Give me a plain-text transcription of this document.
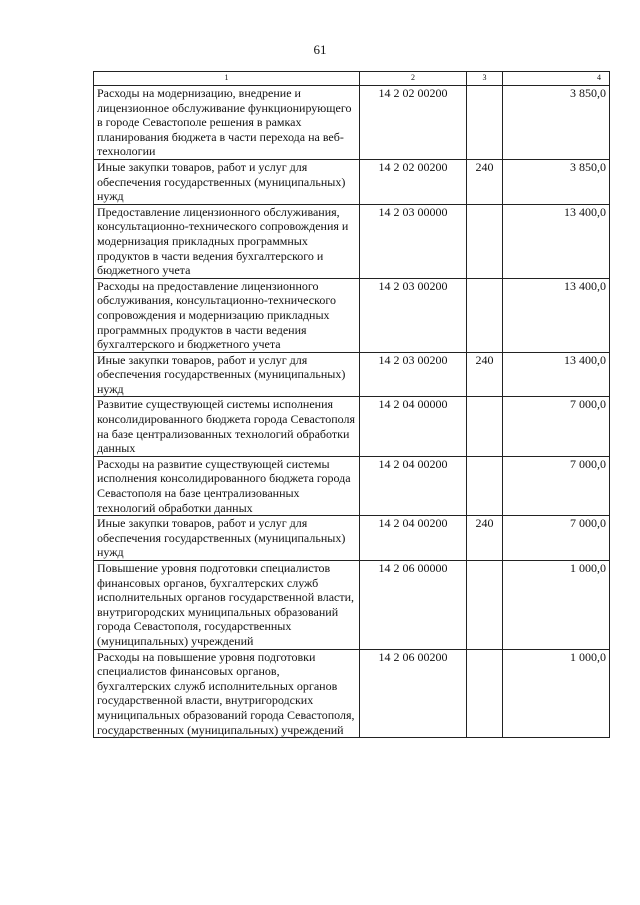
61
1	2	3	4
Расходы на модернизацию, внедрение и лицензионное обслуживание функционирующего в городе Севастополе решения в рамках планирования бюджета в части перехода на веб-технологии	14 2 02 00200		3 850,0
Иные закупки товаров, работ и услуг для обеспечения государственных (муниципальных) нужд	14 2 02 00200	240	3 850,0
Предоставление лицензионного обслуживания, консультационно-технического сопровождения и модернизация прикладных программных продуктов в части ведения бухгалтерского и бюджетного учета	14 2 03 00000		13 400,0
Расходы на предоставление лицензионного обслуживания, консультационно-технического сопровождения и модернизацию прикладных программных продуктов в части ведения бухгалтерского и бюджетного учета	14 2 03 00200		13 400,0
Иные закупки товаров, работ и услуг для обеспечения государственных (муниципальных) нужд	14 2 03 00200	240	13 400,0
Развитие существующей системы исполнения консолидированного бюджета города Севастополя на базе централизованных технологий обработки данных	14 2 04 00000		7 000,0
Расходы на развитие существующей системы исполнения консолидированного бюджета города Севастополя на базе централизованных технологий обработки данных	14 2 04 00200		7 000,0
Иные закупки товаров, работ и услуг для обеспечения государственных (муниципальных) нужд	14 2 04 00200	240	7 000,0
Повышение уровня подготовки специалистов финансовых органов, бухгалтерских служб исполнительных органов государственной власти, внутригородских муниципальных образований города Севастополя, государственных (муниципальных) учреждений	14 2 06 00000		1 000,0
Расходы на повышение уровня подготовки специалистов финансовых органов, бухгалтерских служб исполнительных органов государственной власти, внутригородских муниципальных образований города Севастополя, государственных (муниципальных) учреждений	14 2 06 00200		1 000,0
